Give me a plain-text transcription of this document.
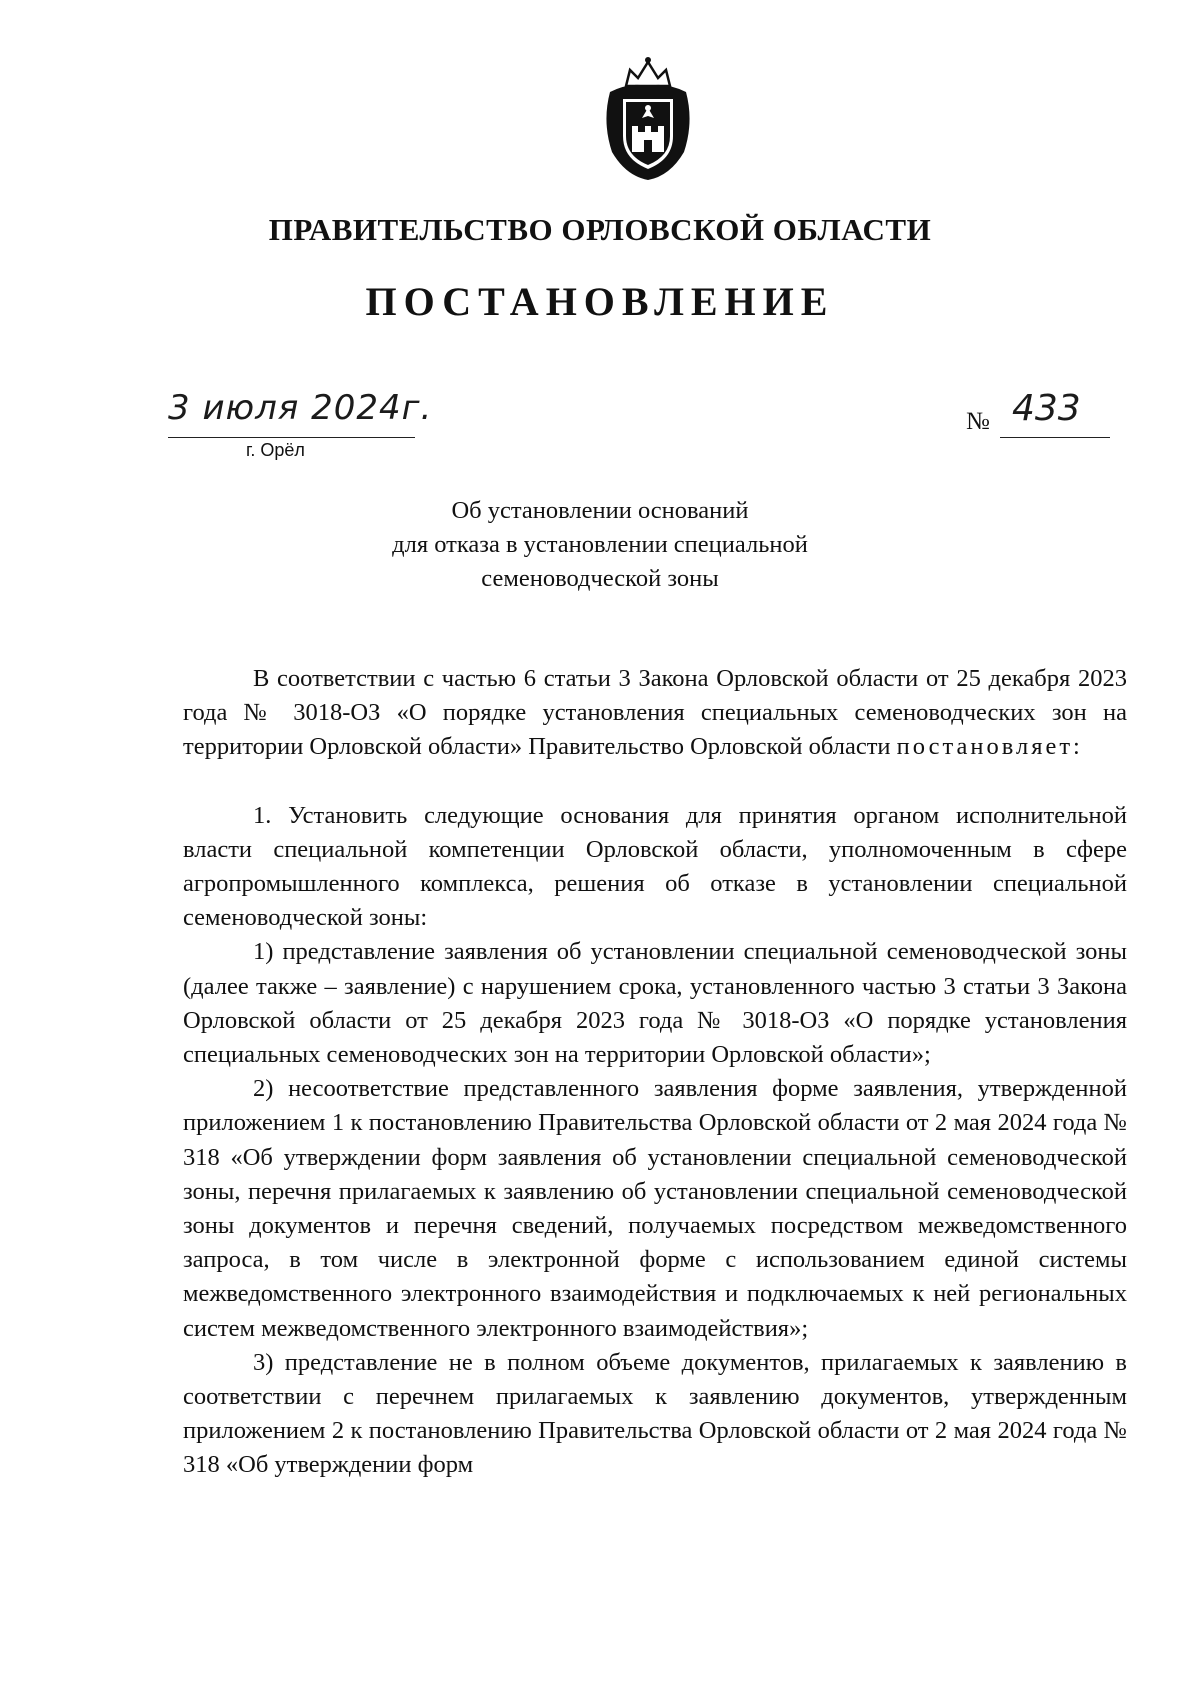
ПРАВИТЕЛЬСТВО ОРЛОВСКОЙ ОБЛАСТИ
ПОСТАНОВЛЕНИЕ
3 июля 2024г.
г. Орёл
№ 433
Об установлении оснований
для отказа в установлении специальной
семеноводческой зоны

В соответствии с частью 6 статьи 3 Закона Орловской области от 25 декабря 2023 года № 3018-ОЗ «О порядке установления специальных семеноводческих зон на территории Орловской области» Правительство Орловской области постановляет:

1. Установить следующие основания для принятия органом исполнительной власти специальной компетенции Орловской области, уполномоченным в сфере агропромышленного комплекса, решения об отказе в установлении специальной семеноводческой зоны:

1) представление заявления об установлении специальной семеноводческой зоны (далее также – заявление) с нарушением срока, установленного частью 3 статьи 3 Закона Орловской области от 25 декабря 2023 года № 3018-ОЗ «О порядке установления специальных семеноводческих зон на территории Орловской области»;

2) несоответствие представленного заявления форме заявления, утвержденной приложением 1 к постановлению Правительства Орловской области от 2 мая 2024 года № 318 «Об утверждении форм заявления об установлении специальной семеноводческой зоны, перечня прилагаемых к заявлению об установлении специальной семеноводческой зоны документов и перечня сведений, получаемых посредством межведомственного запроса, в том числе в электронной форме с использованием единой системы межведомственного электронного взаимодействия и подключаемых к ней региональных систем межведомственного электронного взаимодействия»;

3) представление не в полном объеме документов, прилагаемых к заявлению в соответствии с перечнем прилагаемых к заявлению документов, утвержденным приложением 2 к постановлению Правительства Орловской области от 2 мая 2024 года № 318 «Об утверждении форм
